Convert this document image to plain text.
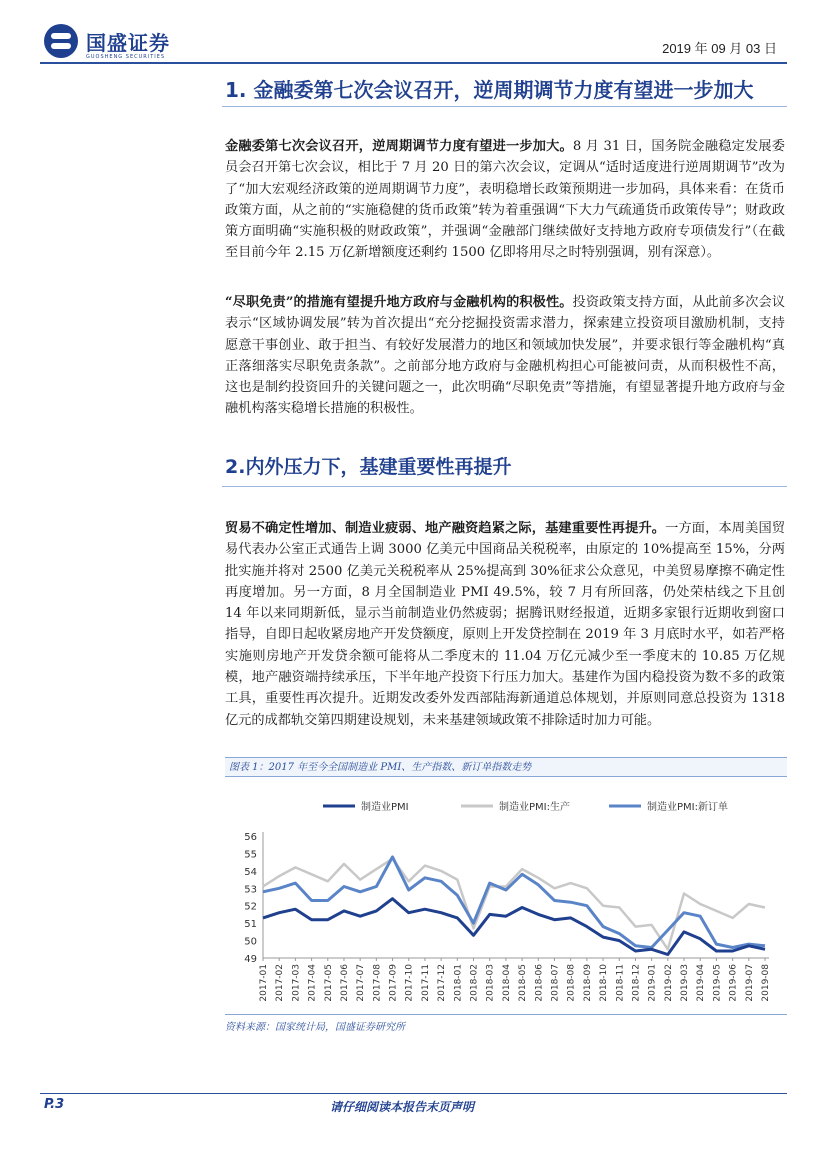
国盛证券
GUOSHENG SECURITIES
2019 年 09 月 03 日
1. 金融委第七次会议召开，逆周期调节力度有望进一步加大
金融委第七次会议召开，逆周期调节力度有望进一步加大。8 月 31 日，国务院金融稳定发展委员会召开第七次会议，相比于 7 月 20 日的第六次会议，定调从“适时适度进行逆周期调节”改为了“加大宏观经济政策的逆周期调节力度”，表明稳增长政策预期进一步加码，具体来看：在货币政策方面，从之前的“实施稳健的货币政策”转为着重强调“下大力气疏通货币政策传导”；财政政策方面明确“实施积极的财政政策”，并强调“金融部门继续做好支持地方政府专项债发行”（在截至目前今年 2.15 万亿新增额度还剩约 1500 亿即将用尽之时特别强调，别有深意）。
“尽职免责”的措施有望提升地方政府与金融机构的积极性。投资政策支持方面，从此前多次会议表示“区域协调发展”转为首次提出“充分挖掘投资需求潜力，探索建立投资项目激励机制，支持愿意干事创业、敢于担当、有较好发展潜力的地区和领域加快发展”，并要求银行等金融机构“真正落细落实尽职免责条款”。之前部分地方政府与金融机构担心可能被问责，从而积极性不高，这也是制约投资回升的关键问题之一，此次明确“尽职免责”等措施，有望显著提升地方政府与金融机构落实稳增长措施的积极性。
2.内外压力下，基建重要性再提升
贸易不确定性增加、制造业疲弱、地产融资趋紧之际，基建重要性再提升。一方面，本周美国贸易代表办公室正式通告上调 3000 亿美元中国商品关税税率，由原定的 10%提高至 15%，分两批实施并将对 2500 亿美元关税税率从 25%提高到 30%征求公众意见，中美贸易摩擦不确定性再度增加。另一方面，8 月全国制造业 PMI 49.5%，较 7 月有所回落，仍处荣枯线之下且创 14 年以来同期新低，显示当前制造业仍然疲弱；据腾讯财经报道，近期多家银行近期收到窗口指导，自即日起收紧房地产开发贷额度，原则上开发贷控制在 2019 年 3 月底时水平，如若严格实施则房地产开发贷余额可能将从二季度末的 11.04 万亿元减少至一季度末的 10.85 万亿规模，地产融资端持续承压，下半年地产投资下行压力加大。基建作为国内稳投资为数不多的政策工具，重要性再次提升。近期发改委外发西部陆海新通道总体规划，并原则同意总投资为 1318 亿元的成都轨交第四期建设规划，未来基建领域政策不排除适时加力可能。
图表 1：2017 年至今全国制造业 PMI、生产指数、新订单指数走势
制造业PMI	制造业PMI:生产	制造业PMI:新订单
49
50
51
52
53
54
55
56
2017-01 2017-02 2017-03 2017-04 2017-05 2017-06 2017-07 2017-08 2017-09 2017-10 2017-11 2017-12 2018-01 2018-02 2018-03 2018-04 2018-05 2018-06 2018-07 2018-08 2018-09 2018-10 2018-11 2018-12 2019-01 2019-02 2019-03 2019-04 2019-05 2019-06 2019-07 2019-08
资料来源：国家统计局，国盛证券研究所
P.3	请仔细阅读本报告末页声明
